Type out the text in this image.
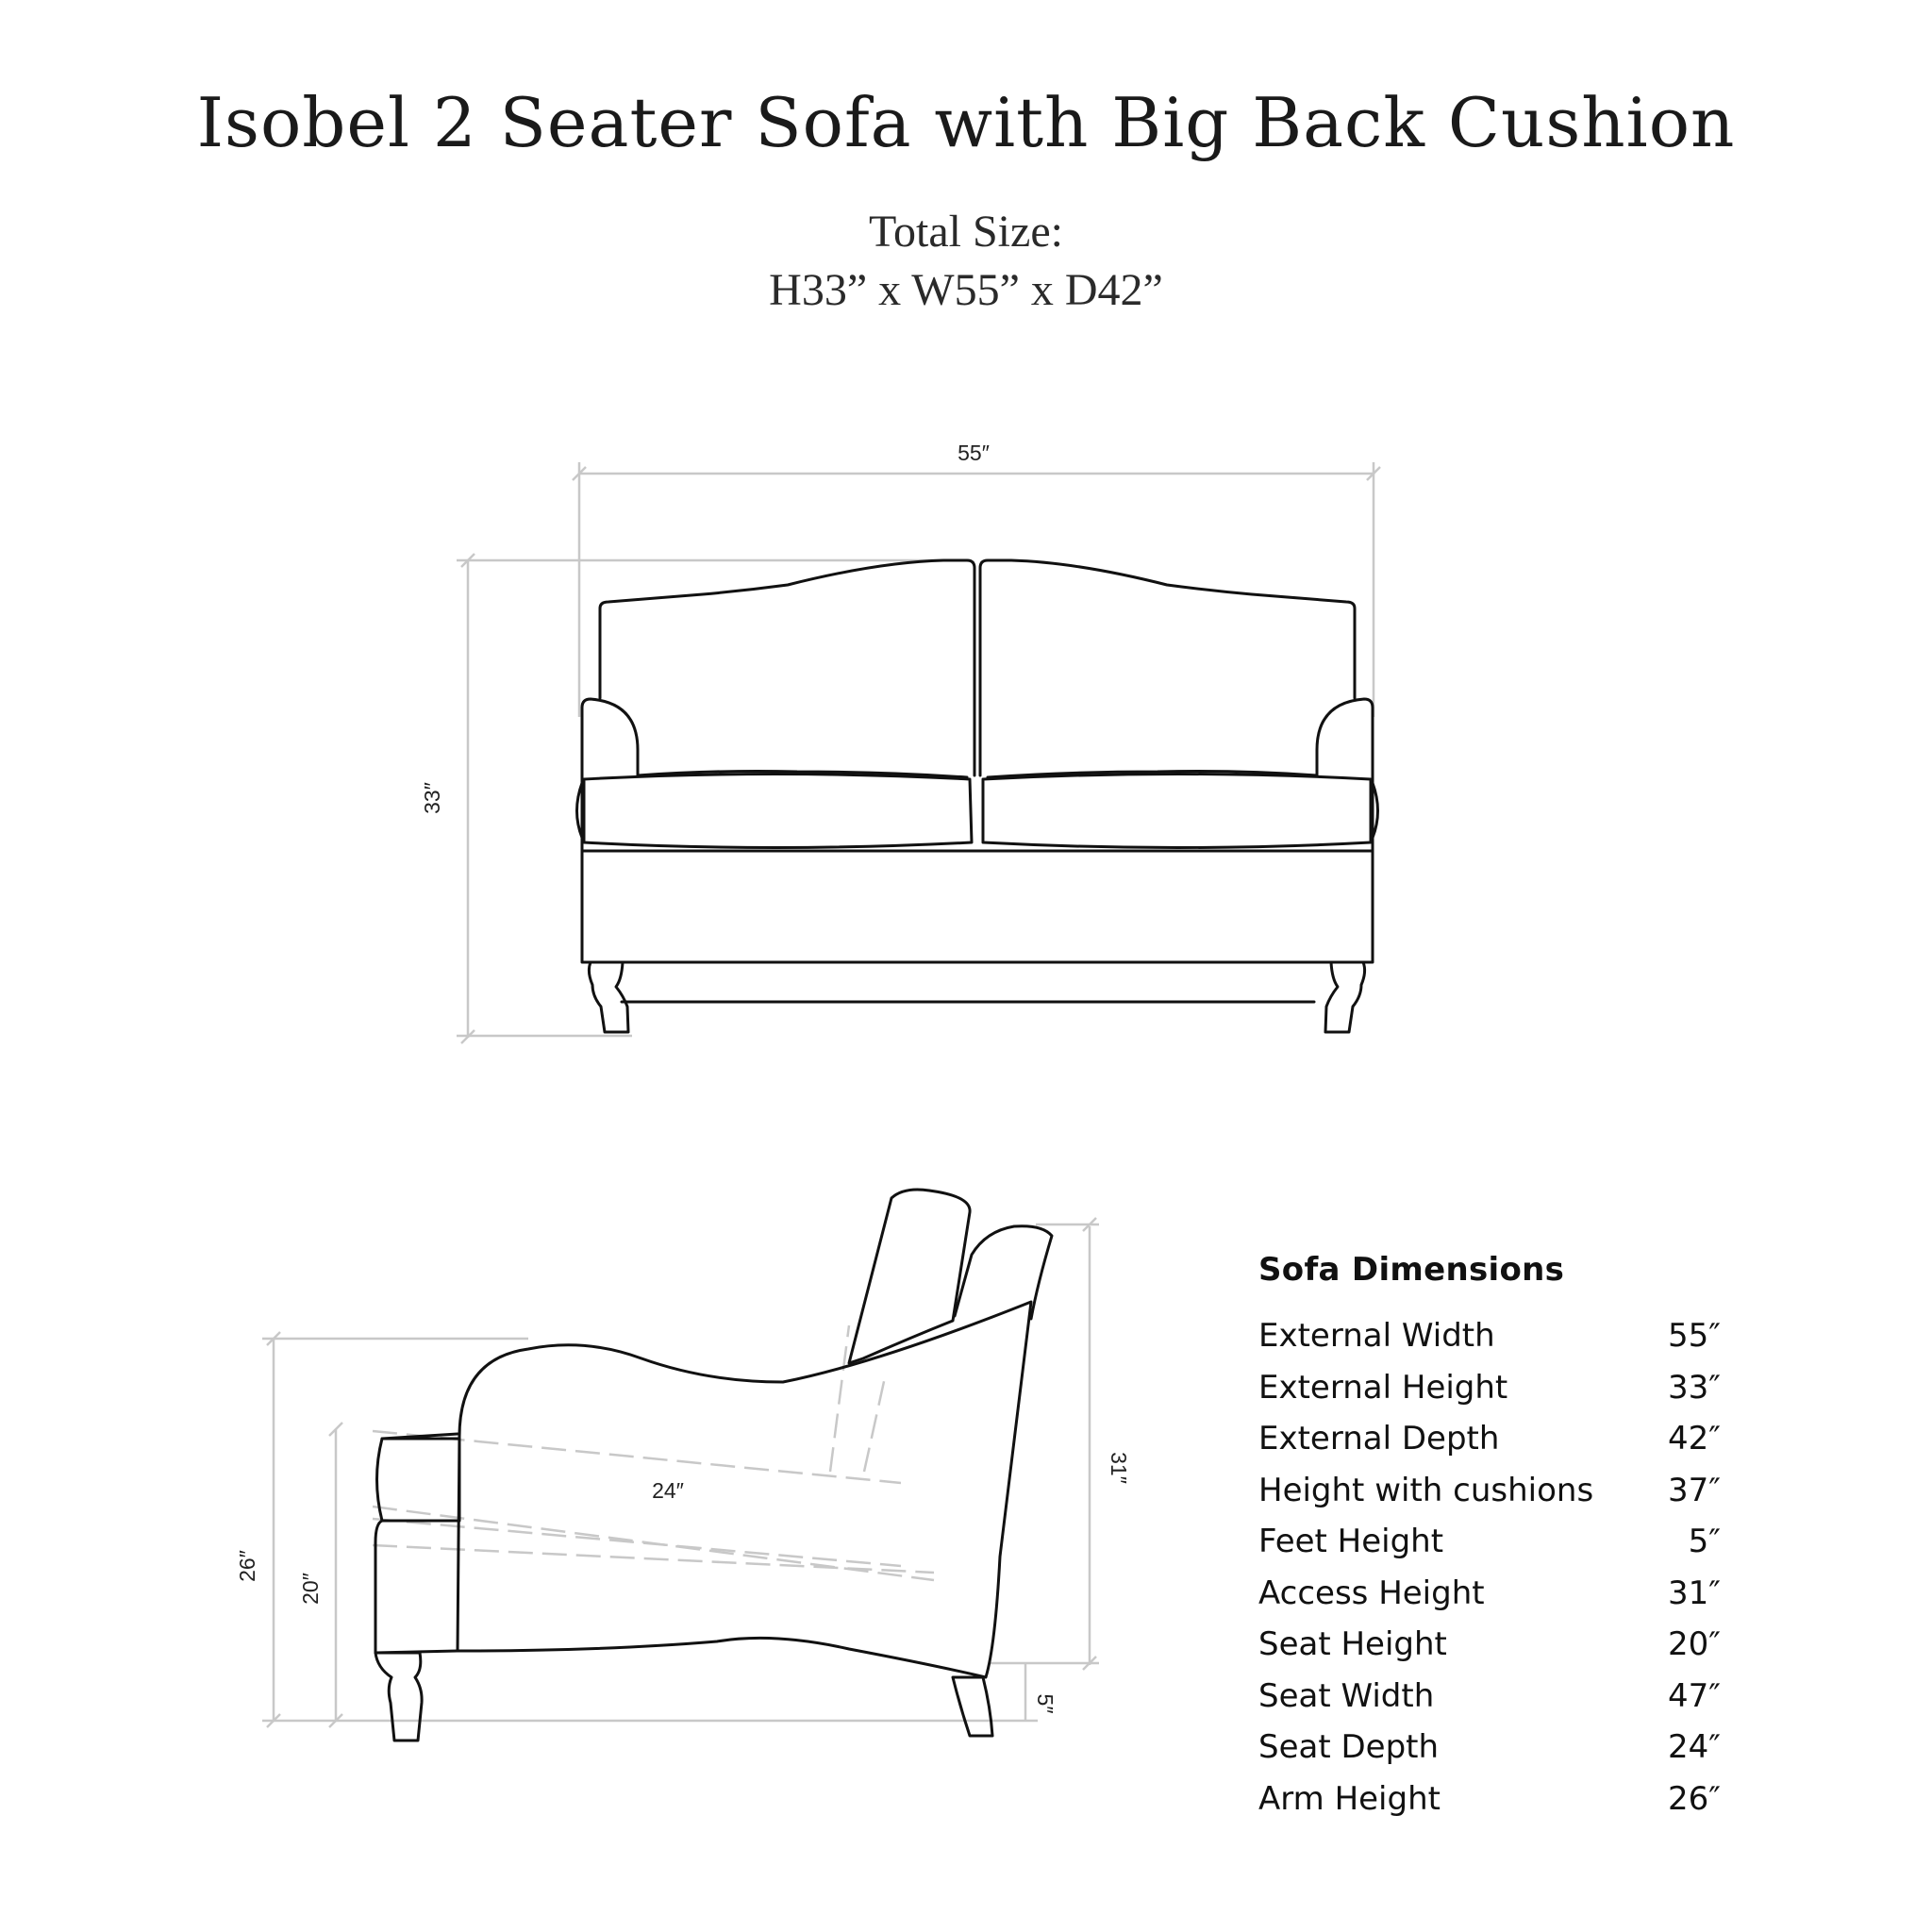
Isobel 2 Seater Sofa with Big Back Cushion
Total Size:
H33” x W55” x D42”
55″
33″
24″
26″
20″
31″
5″
Sofa Dimensions
External Width	55″
External Height	33″
External Depth	42″
Height with cushions 37″
Feet Height	5″
Access Height	31″
Seat Height	20″
Seat Width	47″
Seat Depth	24″
Arm Height	26″
